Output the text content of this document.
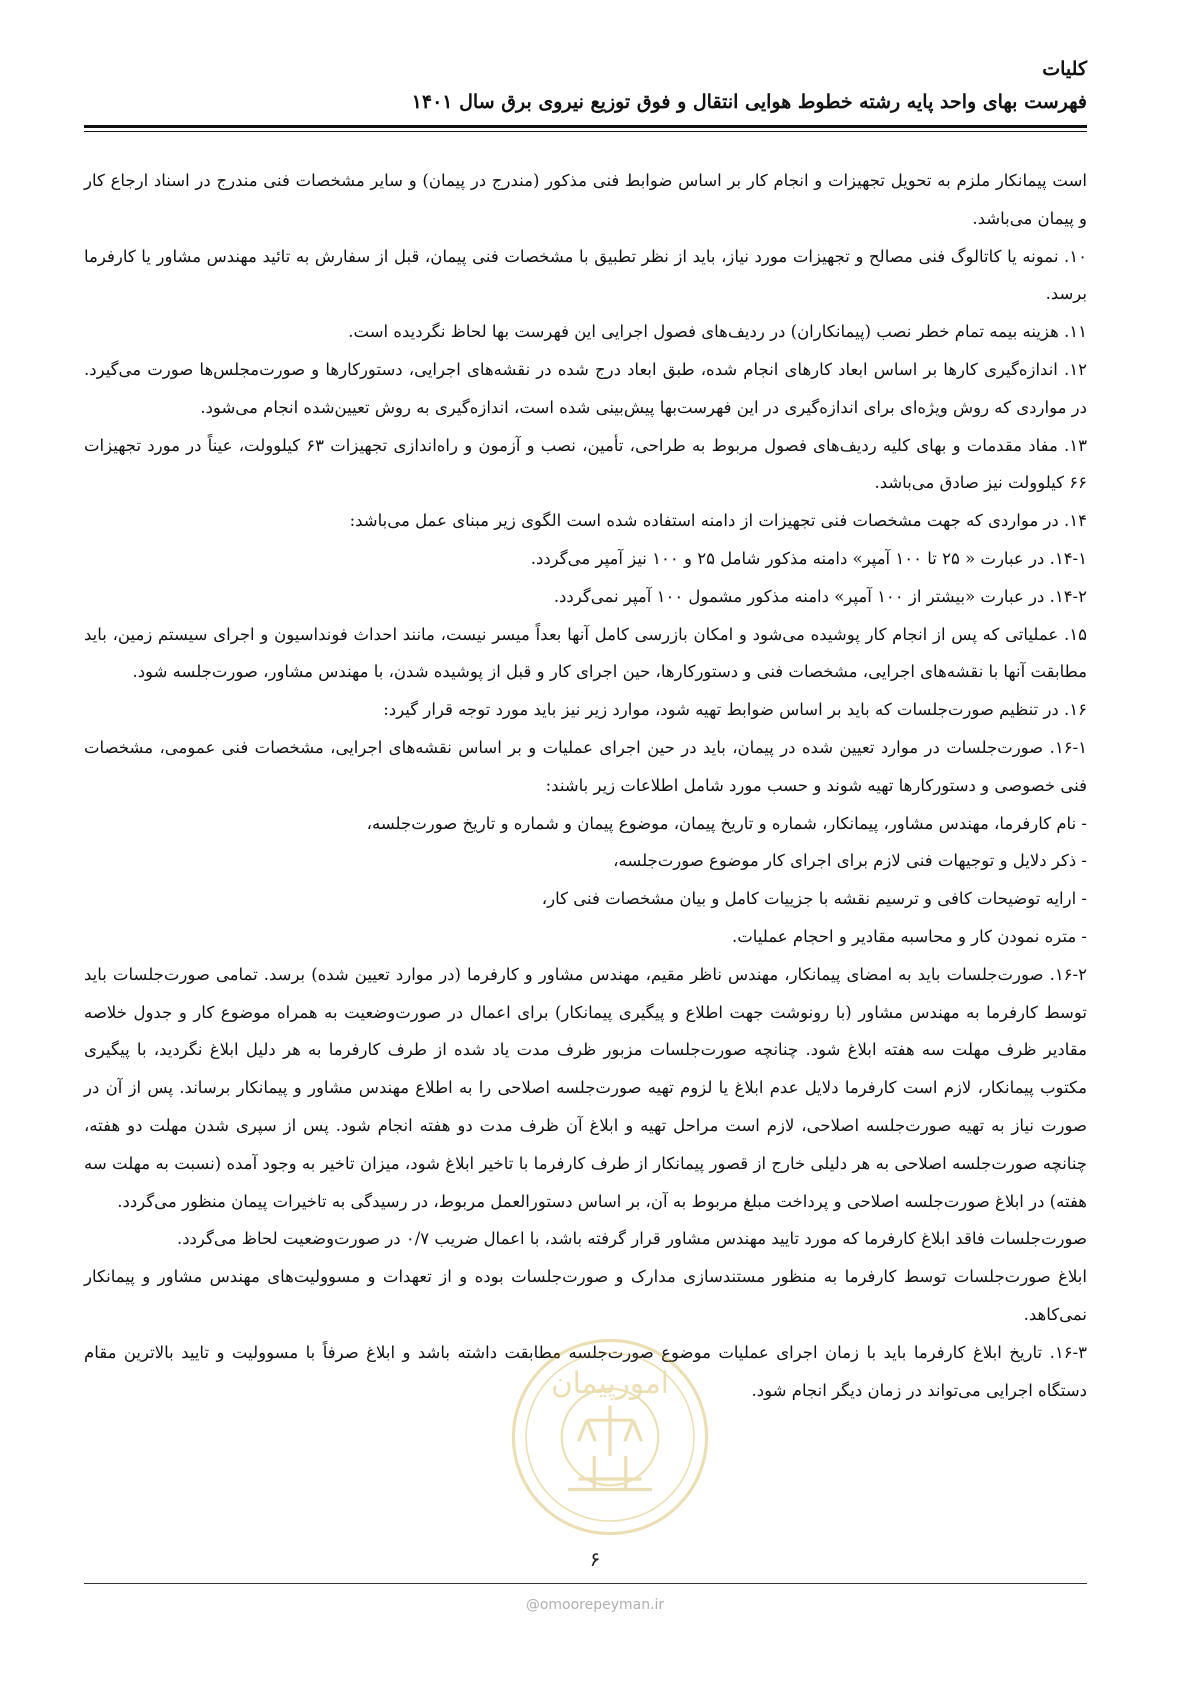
کلیات
فهرست بهای واحد پایه رشته خطوط هوایی انتقال و فوق توزیع نیروی برق سال ۱۴۰۱

است پیمانکار ملزم به تحویل تجهیزات و انجام کار بر اساس ضوابط فنی مذکور (مندرج در پیمان) و سایر مشخصات فنی مندرج در اسناد ارجاع کار و پیمان می‌باشد.

۱۰. نمونه یا کاتالوگ فنی مصالح و تجهیزات مورد نیاز، باید از نظر تطبیق با مشخصات فنی پیمان، قبل از سفارش به تائید مهندس مشاور یا کارفرما برسد.

۱۱. هزینه بیمه تمام خطر نصب (پیمانکاران) در ردیف‌های فصول اجرایی این فهرست بها لحاظ نگردیده است.

۱۲. اندازه‌گیری کارها بر اساس ابعاد کارهای انجام شده، طبق ابعاد درج شده در نقشه‌های اجرایی، دستورکارها و صورت‌مجلس‌ها صورت می‌گیرد. در مواردی که روش ویژه‌ای برای اندازه‌گیری در این فهرست‌بها پیش‌بینی شده است، اندازه‌گیری به روش تعیین‌شده انجام می‌شود.

۱۳. مفاد مقدمات و بهای کلیه ردیف‌های فصول مربوط به طراحی، تأمین، نصب و آزمون و راه‌اندازی تجهیزات ۶۳ کیلوولت، عیناً در مورد تجهیزات ۶۶ کیلوولت نیز صادق می‌باشد.

۱۴. در مواردی که جهت مشخصات فنی تجهیزات از دامنه استفاده شده است الگوی زیر مبنای عمل می‌باشد:

۱۴-۱. در عبارت « ۲۵ تا ۱۰۰ آمپر» دامنه مذکور شامل ۲۵ و ۱۰۰ نیز آمپر می‌گردد.

۱۴-۲. در عبارت «بیشتر از ۱۰۰ آمپر» دامنه مذکور مشمول ۱۰۰ آمپر نمی‌گردد.

۱۵. عملیاتی که پس از انجام کار پوشیده می‌شود و امکان بازرسی کامل آنها بعداً میسر نیست، مانند احداث فونداسیون و اجرای سیستم زمین، باید مطابقت آنها با نقشه‌های اجرایی، مشخصات فنی و دستورکارها، حین اجرای کار و قبل از پوشیده شدن، با مهندس مشاور، صورت‌جلسه شود.

۱۶. در تنظیم صورت‌جلسات که باید بر اساس ضوابط تهیه شود، موارد زیر نیز باید مورد توجه قرار گیرد:

۱۶-۱. صورت‌جلسات در موارد تعیین شده در پیمان، باید در حین اجرای عملیات و بر اساس نقشه‌های اجرایی، مشخصات فنی عمومی، مشخصات فنی خصوصی و دستورکارها تهیه شوند و حسب مورد شامل اطلاعات زیر باشند:

- نام کارفرما، مهندس مشاور، پیمانکار، شماره و تاریخ پیمان، موضوع پیمان و شماره و تاریخ صورت‌جلسه،

- ذکر دلایل و توجیهات فنی لازم برای اجرای کار موضوع صورت‌جلسه،

- ارایه توضیحات کافی و ترسیم نقشه با جزییات کامل و بیان مشخصات فنی کار،

- متره نمودن کار و محاسبه مقادیر و احجام عملیات.

۱۶-۲. صورت‌جلسات باید به امضای پیمانکار، مهندس ناظر مقیم، مهندس مشاور و کارفرما (در موارد تعیین شده) برسد. تمامی صورت‌جلسات باید توسط کارفرما به مهندس مشاور (با رونوشت جهت اطلاع و پیگیری پیمانکار) برای اعمال در صورت‌وضعیت به همراه موضوع کار و جدول خلاصه مقادیر ظرف مهلت سه هفته ابلاغ شود. چنانچه صورت‌جلسات مزبور ظرف مدت یاد شده از طرف کارفرما به هر دلیل ابلاغ نگردید، با پیگیری مکتوب پیمانکار، لازم است کارفرما دلایل عدم ابلاغ یا لزوم تهیه صورت‌جلسه اصلاحی را به اطلاع مهندس مشاور و پیمانکار برساند. پس از آن در صورت نیاز به تهیه صورت‌جلسه اصلاحی، لازم است مراحل تهیه و ابلاغ آن ظرف مدت دو هفته انجام شود. پس از سپری شدن مهلت دو هفته، چنانچه صورت‌جلسه اصلاحی به هر دلیلی خارج از قصور پیمانکار از طرف کارفرما با تاخیر ابلاغ شود، میزان تاخیر به وجود آمده (نسبت به مهلت سه هفته) در ابلاغ صورت‌جلسه اصلاحی و پرداخت مبلغ مربوط به آن، بر اساس دستورالعمل مربوط، در رسیدگی به تاخیرات پیمان منظور می‌گردد.

صورت‌جلسات فاقد ابلاغ کارفرما که مورد تایید مهندس مشاور قرار گرفته باشد، با اعمال ضریب ۰/۷ در صورت‌وضعیت لحاظ می‌گردد.

ابلاغ صورت‌جلسات توسط کارفرما به منظور مستندسازی مدارک و صورت‌جلسات بوده و از تعهدات و مسوولیت‌های مهندس مشاور و پیمانکار نمی‌کاهد.

۱۶-۳. تاریخ ابلاغ کارفرما باید با زمان اجرای عملیات موضوع صورت‌جلسه مطابقت داشته باشد و ابلاغ صرفاً با مسوولیت و تایید بالاترین مقام دستگاه اجرایی می‌تواند در زمان دیگر انجام شود.

امورپیمان
۶
@omoorepeyman.ir
